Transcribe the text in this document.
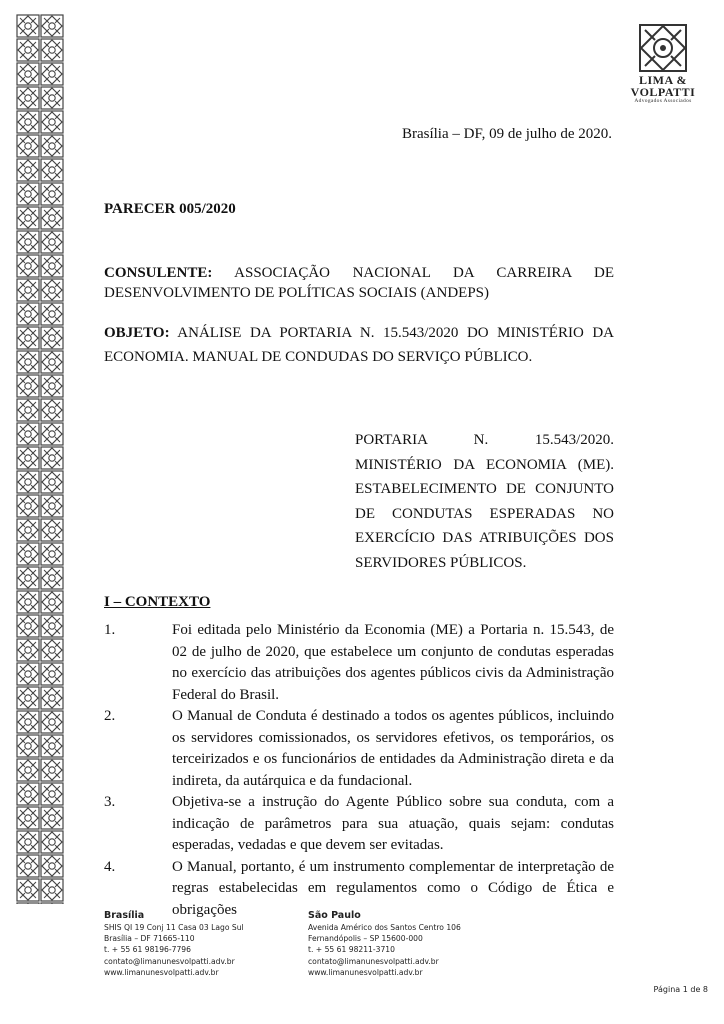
LIMA &
VOLPATTI
Advogados Associados
Brasília – DF, 09 de julho de 2020.
PARECER 005/2020
CONSULENTE: ASSOCIAÇÃO NACIONAL DA CARREIRA DE DESENVOLVIMENTO DE POLÍTICAS SOCIAIS (ANDEPS)
OBJETO: ANÁLISE DA PORTARIA N. 15.543/2020 DO MINISTÉRIO DA ECONOMIA. MANUAL DE CONDUDAS DO SERVIÇO PÚBLICO.
PORTARIA N. 15.543/2020. MINISTÉRIO DA ECONOMIA (ME). ESTABELECIMENTO DE CONJUNTO DE CONDUTAS ESPERADAS NO EXERCÍCIO DAS ATRIBUIÇÕES DOS SERVIDORES PÚBLICOS.
I – CONTEXTO
1.	Foi editada pelo Ministério da Economia (ME) a Portaria n. 15.543, de 02 de julho de 2020, que estabelece um conjunto de condutas esperadas no exercício das atribuições dos agentes públicos civis da Administração Federal do Brasil.
2.	O Manual de Conduta é destinado a todos os agentes públicos, incluindo os servidores comissionados, os servidores efetivos, os temporários, os terceirizados e os funcionários de entidades da Administração direta e da indireta, da autárquica e da fundacional.
3.	Objetiva-se a instrução do Agente Público sobre sua conduta, com a indicação de parâmetros para sua atuação, quais sejam: condutas esperadas, vedadas e que devem ser evitadas.
4.	O Manual, portanto, é um instrumento complementar de interpretação de regras estabelecidas em regulamentos como o Código de Ética e obrigações
Brasília
SHIS QI 19 Conj 11 Casa 03 Lago Sul
Brasília – DF 71665-110
t. + 55 61 98196-7796
contato@limanunesvolpatti.adv.br
www.limanunesvolpatti.adv.br
São Paulo
Avenida Américo dos Santos Centro 106
Fernandópolis – SP 15600-000
t. + 55 61 98211-3710
contato@limanunesvolpatti.adv.br
www.limanunesvolpatti.adv.br
Página 1 de 8
